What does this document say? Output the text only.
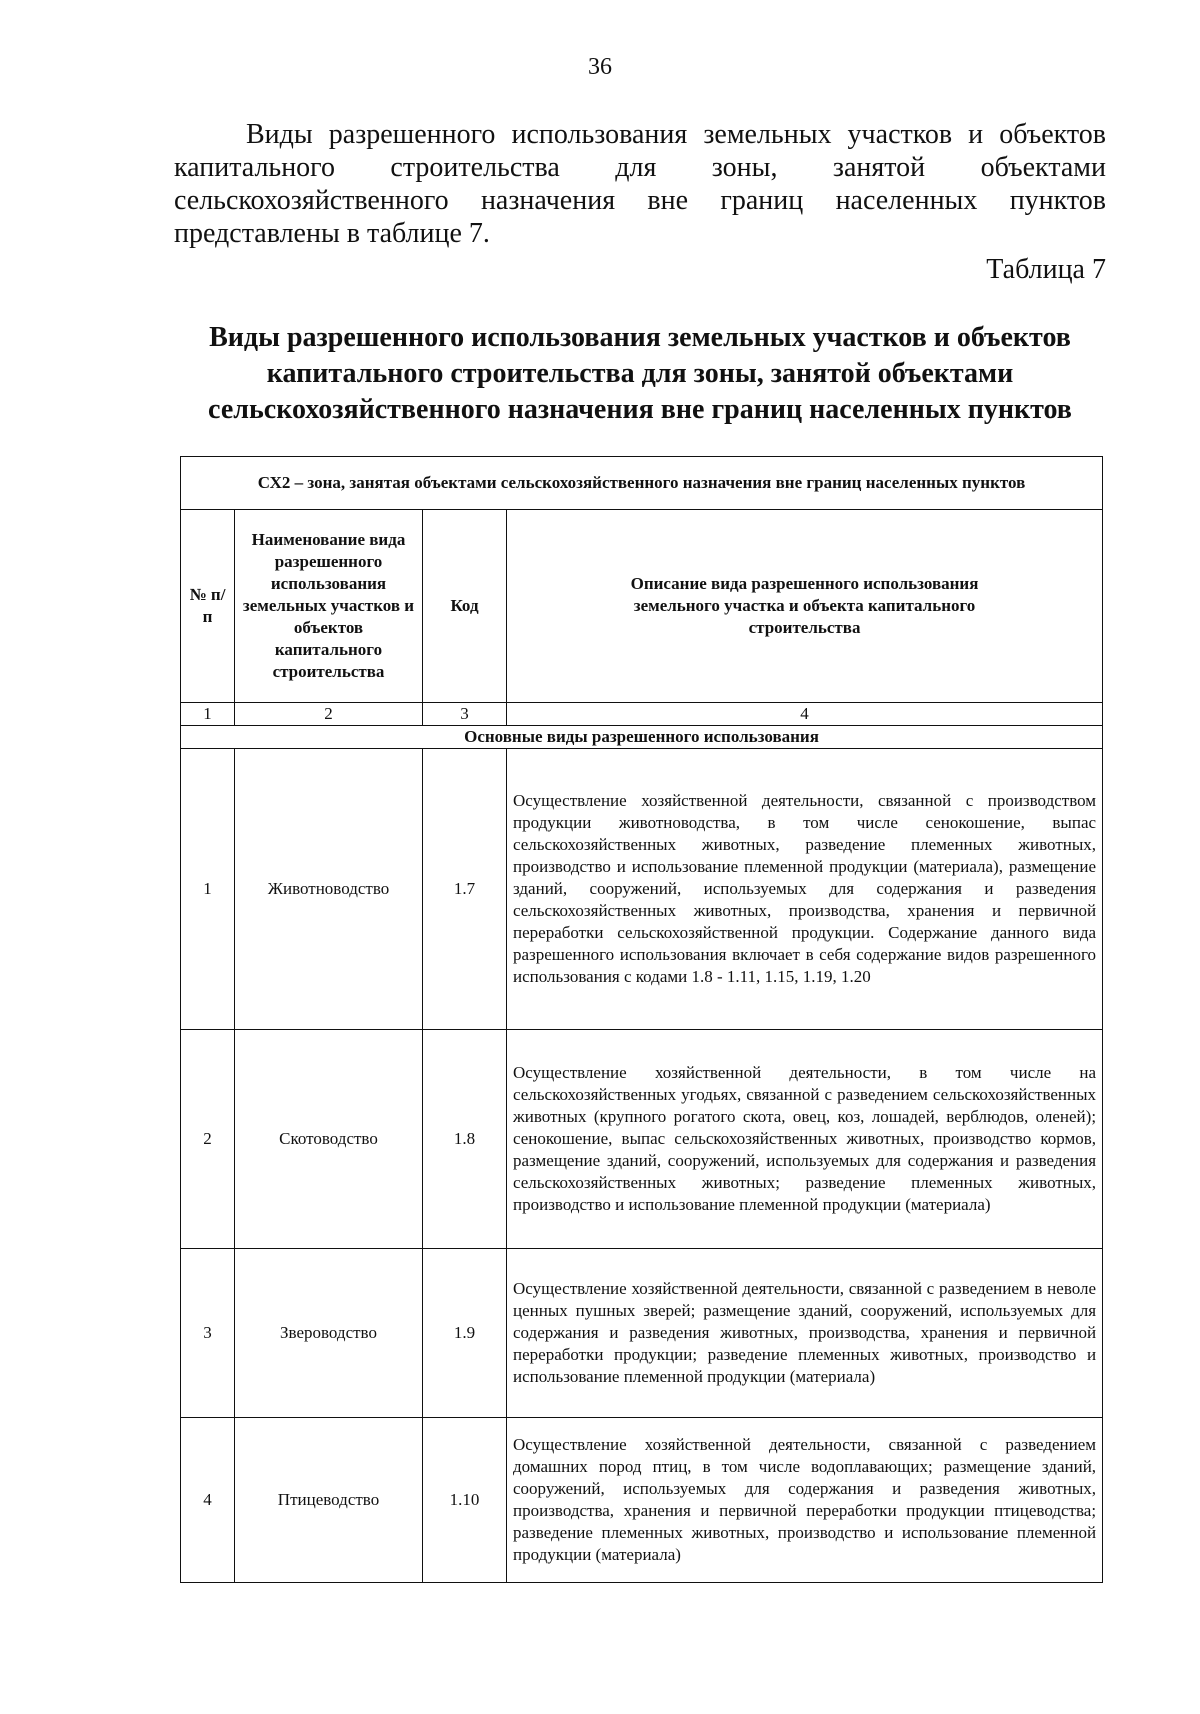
36

Виды разрешенного использования земельных участков и объектов капитального строительства для зоны, занятой объектами сельскохозяйственного назначения вне границ населенных пунктов представлены в таблице 7.

Таблица 7

Виды разрешенного использования земельных участков и объектов капитального строительства для зоны, занятой объектами сельскохозяйственного назначения вне границ населенных пунктов

СХ2 – зона, занятая объектами сельскохозяйственного назначения вне границ населенных пунктов			
№ п/п	Наименование вида разрешенного использования земельных участков и объектов капитального строительства	Код	Описание вида разрешенного использования земельного участка и объекта капитального строительства
1	2	3	4
Основные виды разрешенного использования			
1	Животноводство	1.7	Осуществление хозяйственной деятельности, связанной с производством продукции животноводства, в том числе сенокошение, выпас сельскохозяйственных животных, разведение племенных животных, производство и использование племенной продукции (материала), размещение зданий, сооружений, используемых для содержания и разведения сельскохозяйственных животных, производства, хранения и первичной переработки сельскохозяйственной продукции. Содержание данного вида разрешенного использования включает в себя содержание видов разрешенного использования с кодами 1.8 - 1.11, 1.15, 1.19, 1.20
2	Скотоводство	1.8	Осуществление хозяйственной деятельности, в том числе на сельскохозяйственных угодьях, связанной с разведением сельскохозяйственных животных (крупного рогатого скота, овец, коз, лошадей, верблюдов, оленей); сенокошение, выпас сельскохозяйственных животных, производство кормов, размещение зданий, сооружений, используемых для содержания и разведения сельскохозяйственных животных; разведение племенных животных, производство и использование племенной продукции (материала)
3	Звероводство	1.9	Осуществление хозяйственной деятельности, связанной с разведением в неволе ценных пушных зверей; размещение зданий, сооружений, используемых для содержания и разведения животных, производства, хранения и первичной переработки продукции; разведение племенных животных, производство и использование племенной продукции (материала)
4	Птицеводство	1.10	Осуществление хозяйственной деятельности, связанной с разведением домашних пород птиц, в том числе водоплавающих; размещение зданий, сооружений, используемых для содержания и разведения животных, производства, хранения и первичной переработки продукции птицеводства; разведение племенных животных, производство и использование племенной продукции (материала)
